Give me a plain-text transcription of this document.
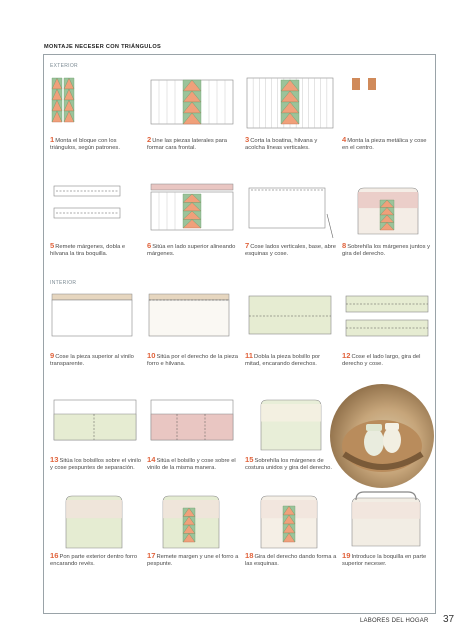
MONTAJE NECESER CON TRIÁNGULOS
EXTERIOR
INTERIOR
1Monta el bloque con los triángulos, según patrones.
2Une las piezas laterales para formar cara frontal.
3Corta la boatina, hilvana y acolcha líneas verticales.
4Monta la pieza metálica y cose en el centro.
5Remete márgenes, dobla e hilvana la tira boquilla.
6Sitúa en lado superior alineando márgenes.
7Cose lados verticales, base, abre esquinas y cose.
8Sobrehíla los márgenes juntos y gira del derecho.
9Cose la pieza superior al vinilo transparente.
10Sitúa por el derecho de la pieza forro e hilvana.
11Dobla la pieza bolsillo por mitad, encarando derechos.
12Cose el lado largo, gira del derecho y cose.
13Sitúa los bolsillos sobre el vinilo y cose pespuntes de separación.
14Sitúa el bolsillo y cose sobre el vinilo de la misma manera.
15Sobrehíla los márgenes de costura unidos y gira del derecho.
16Pon parte exterior dentro forro encarando revés.
17Remete margen y une el forro a pespunte.
18Gira del derecho dando forma a las esquinas.
19Introduce la boquilla en parte superior neceser.
LABORES DEL HOGAR 37
